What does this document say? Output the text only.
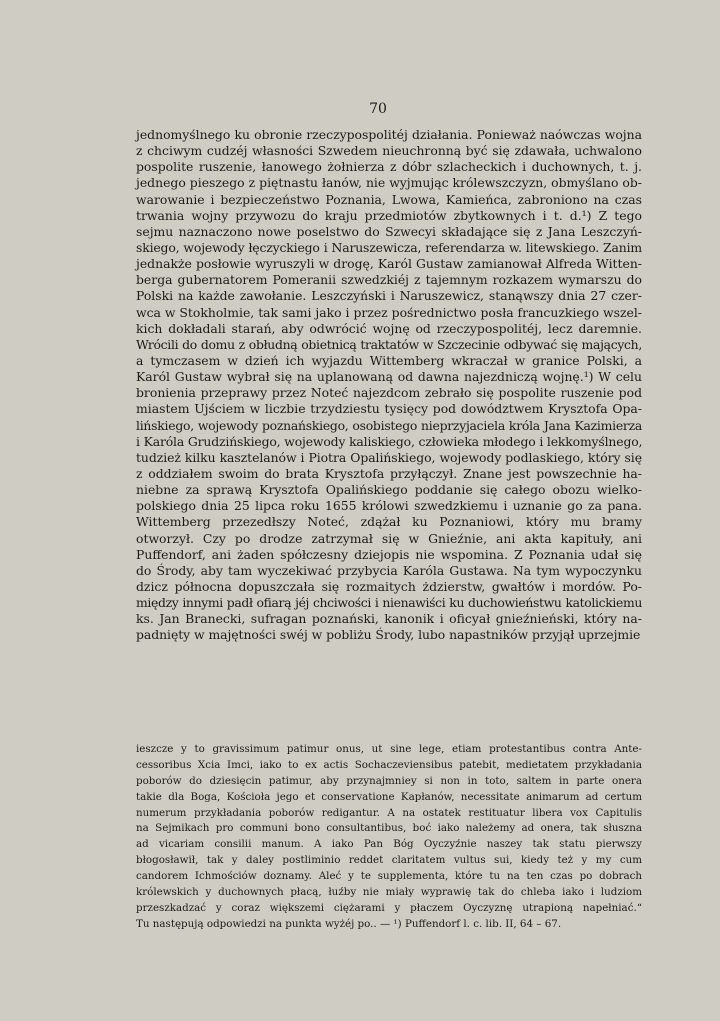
70
jednomyślnego ku obronie rzeczypospolitéj działania. Ponieważ naówczas wojna
z chciwym cudzéj własności Szwedem nieuchronną być się zdawała, uchwalono
pospolite ruszenie, łanowego żołnierza z dóbr szlacheckich i duchownych, t. j.
jednego pieszego z piętnastu łanów, nie wyjmując królewszczyzn, obmyślano ob-
warowanie i bezpieczeństwo Poznania, Lwowa, Kamieńca, zabroniono na czas
trwania wojny przywozu do kraju przedmiotów zbytkownych i t. d.¹) Z tego
sejmu naznaczono nowe poselstwo do Szwecyi składające się z Jana Leszczyń-
skiego, wojewody łęczyckiego i Naruszewicza, referendarza w. litewskiego. Zanim
jednakże posłowie wyruszyli w drogę, Karól Gustaw zamianował Alfreda Witten-
berga gubernatorem Pomeranii szwedzkiéj z tajemnym rozkazem wymarszu do
Polski na każde zawołanie. Leszczyński i Naruszewicz, stanąwszy dnia 27 czer-
wca w Stokholmie, tak sami jako i przez pośrednictwo posła francuzkiego wszel-
kich dokładali starań, aby odwrócić wojnę od rzeczypospolitéj, lecz daremnie.
Wrócili do domu z obłudną obietnicą traktatów w Szczecinie odbywać się mających,
a tymczasem w dzień ich wyjazdu Wittemberg wkraczał w granice Polski, a
Karól Gustaw wybrał się na uplanowaną od dawna najezdniczą wojnę.¹) W celu
bronienia przeprawy przez Noteć najezdcom zebrało się pospolite ruszenie pod
miastem Ujściem w liczbie trzydziestu tysięcy pod dowództwem Krysztofa Opa-
lińskiego, wojewody poznańskiego, osobistego nieprzyjaciela króla Jana Kazimierza
i Karóla Grudzińskiego, wojewody kaliskiego, człowieka młodego i lekkomyślnego,
tudzież kilku kasztelanów i Piotra Opalińskiego, wojewody podlaskiego, który się
z oddziałem swoim do brata Krysztofa przyłączył. Znane jest powszechnie ha-
niebne za sprawą Krysztofa Opalińskiego poddanie się całego obozu wielko-
polskiego dnia 25 lipca roku 1655 królowi szwedzkiemu i uznanie go za pana.
Wittemberg przezedłszy Noteć, zdążał ku Poznaniowi, który mu bramy
otworzył. Czy po drodze zatrzymał się w Gnieźnie, ani akta kapituły, ani
Puffendorf, ani żaden spółczesny dziejopis nie wspomina. Z Poznania udał się
do Środy, aby tam wyczekiwać przybycia Karóla Gustawa. Na tym wypoczynku
dzicz północna dopuszczała się rozmaitych żdzierstw, gwałtów i mordów. Po-
między innymi padł ofiarą jéj chciwości i nienawiści ku duchowieństwu katolickiemu
ks. Jan Branecki, sufragan poznański, kanonik i oficyał gnieźnieński, który na-
padnięty w majętności swéj w pobliżu Środy, lubo napastników przyjął uprzejmie
ieszcze y to gravissimum patimur onus, ut sine lege, etiam protestantibus contra Ante-
cessoribus Xcia Imci, iako to ex actis Sochaczeviensibus patebit, medietatem przykładania
poborów do dziesięcin patimur, aby przynajmniey si non in toto, saltem in parte onera
takie dla Boga, Kościoła jego et conservatione Kapłanów, necessitate animarum ad certum
numerum przykładania poborów redigantur. A na ostatek restituatur libera vox Capitulis
na Sejmikach pro communi bono consultantibus, boć iako należemy ad onera, tak słuszna
ad vicariam consilii manum. A iako Pan Bóg Oyczyźnie naszey tak statu pierwszy
błogosławił, tak y daley postliminio reddet claritatem vultus sui, kiedy też y my cum
candorem Ichmościów doznamy. Aleć y te supplementa, które tu na ten czas po dobrach
królewskich y duchownych płacą, łuźby nie miały wyprawię tak do chleba iako i ludziom
przeszkadzać y coraz większemi ciężarami y płaczem Oyczyznę utrapioną napełniać.“
Tu następują odpowiedzi na punkta wyżéj po.. — ¹) Puffendorf l. c. lib. II, 64 – 67.
